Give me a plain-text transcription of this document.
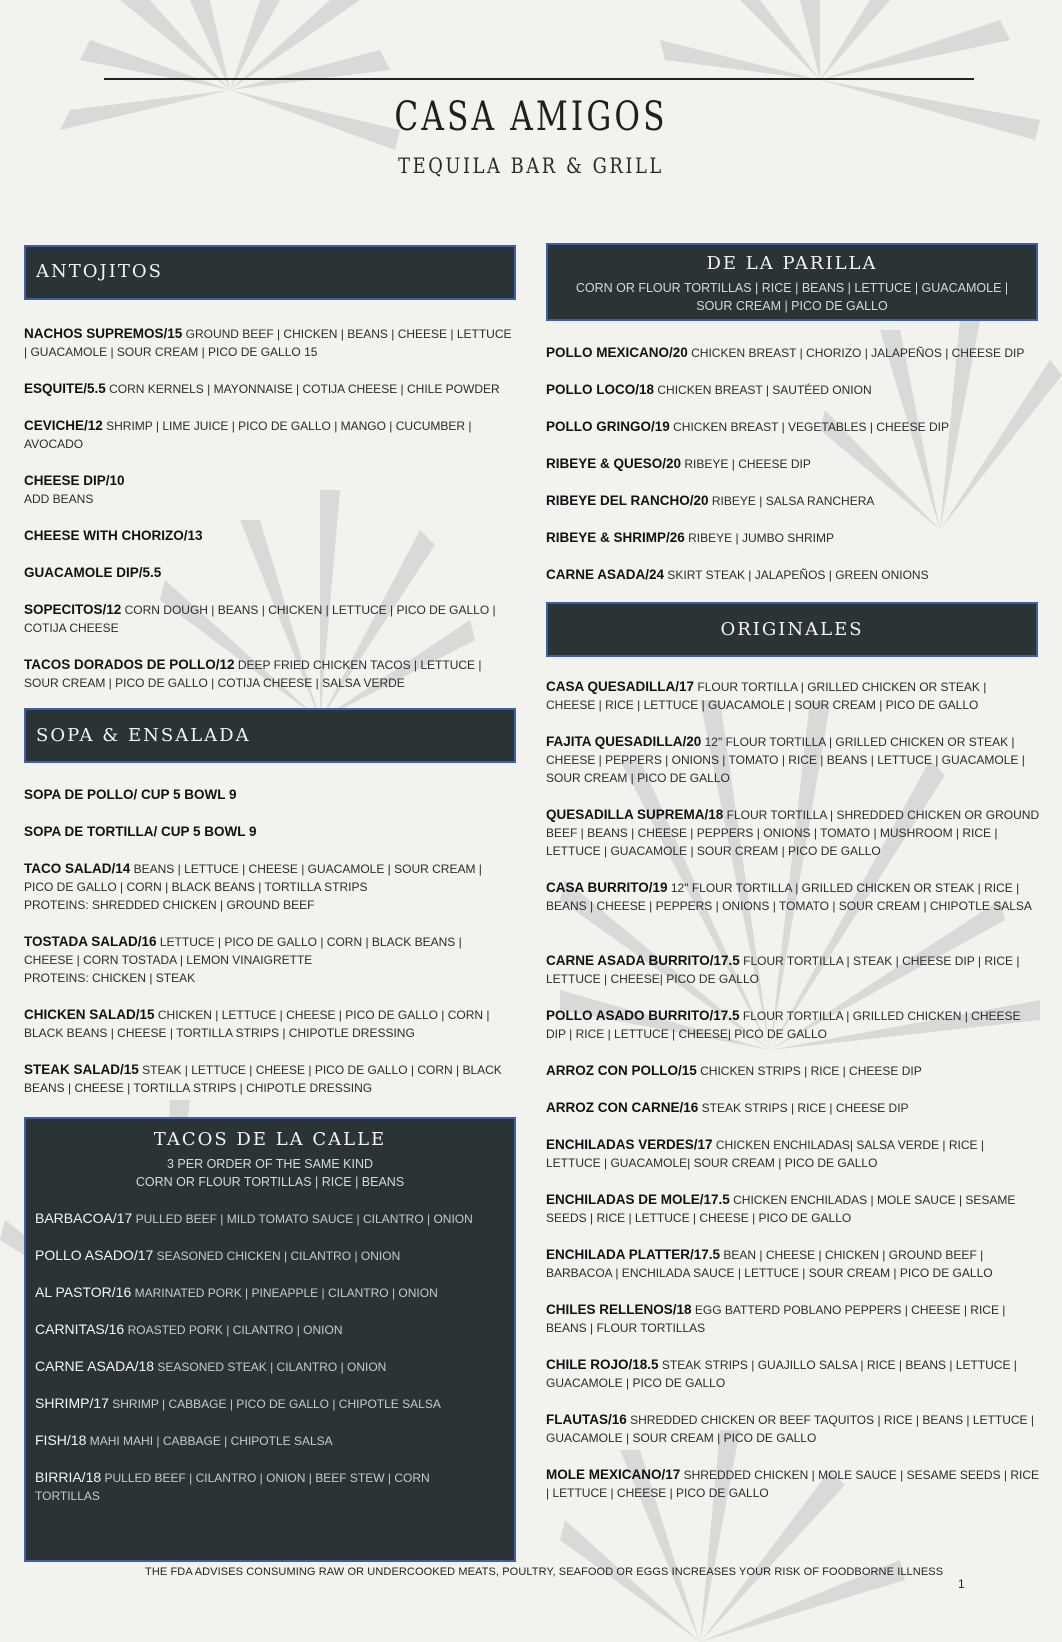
CASA AMIGOS
TEQUILA BAR & GRILL
ANTOJITOS
NACHOS SUPREMOS/15 GROUND BEEF | CHICKEN | BEANS | CHEESE | LETTUCE | GUACAMOLE | SOUR CREAM | PICO DE GALLO 15
ESQUITE/5.5 CORN KERNELS | MAYONNAISE | COTIJA CHEESE | CHILE POWDER
CEVICHE/12 SHRIMP | LIME JUICE | PICO DE GALLO | MANGO | CUCUMBER | AVOCADO
CHEESE DIP/10
ADD BEANS
CHEESE WITH CHORIZO/13
GUACAMOLE DIP/5.5
SOPECITOS/12 CORN DOUGH | BEANS | CHICKEN | LETTUCE | PICO DE GALLO | COTIJA CHEESE
TACOS DORADOS DE POLLO/12 DEEP FRIED CHICKEN TACOS | LETTUCE | SOUR CREAM | PICO DE GALLO | COTIJA CHEESE | SALSA VERDE
SOPA & ENSALADA
SOPA DE POLLO/ CUP 5 BOWL 9
SOPA DE TORTILLA/ CUP 5 BOWL 9
TACO SALAD/14 BEANS | LETTUCE | CHEESE | GUACAMOLE | SOUR CREAM | PICO DE GALLO | CORN | BLACK BEANS | TORTILLA STRIPS
PROTEINS: SHREDDED CHICKEN | GROUND BEEF
TOSTADA SALAD/16 LETTUCE | PICO DE GALLO | CORN | BLACK BEANS | CHEESE | CORN TOSTADA | LEMON VINAIGRETTE
PROTEINS: CHICKEN | STEAK
CHICKEN SALAD/15 CHICKEN | LETTUCE | CHEESE | PICO DE GALLO | CORN | BLACK BEANS | CHEESE | TORTILLA STRIPS | CHIPOTLE DRESSING
STEAK SALAD/15 STEAK | LETTUCE | CHEESE | PICO DE GALLO | CORN | BLACK BEANS | CHEESE | TORTILLA STRIPS | CHIPOTLE DRESSING
TACOS DE LA CALLE
3 PER ORDER OF THE SAME KIND
CORN OR FLOUR TORTILLAS | RICE | BEANS
BARBACOA/17 PULLED BEEF | MILD TOMATO SAUCE | CILANTRO | ONION
POLLO ASADO/17 SEASONED CHICKEN | CILANTRO | ONION
AL PASTOR/16 MARINATED PORK | PINEAPPLE | CILANTRO | ONION
CARNITAS/16 ROASTED PORK | CILANTRO | ONION
CARNE ASADA/18 SEASONED STEAK | CILANTRO | ONION
SHRIMP/17 SHRIMP | CABBAGE | PICO DE GALLO | CHIPOTLE SALSA
FISH/18 MAHI MAHI | CABBAGE | CHIPOTLE SALSA
BIRRIA/18 PULLED BEEF | CILANTRO | ONION | BEEF STEW | CORN TORTILLAS
DE LA PARILLA
CORN OR FLOUR TORTILLAS | RICE | BEANS | LETTUCE | GUACAMOLE | SOUR CREAM | PICO DE GALLO
POLLO MEXICANO/20 CHICKEN BREAST | CHORIZO | JALAPEÑOS | CHEESE DIP
POLLO LOCO/18 CHICKEN BREAST | SAUTÉED ONION
POLLO GRINGO/19 CHICKEN BREAST | VEGETABLES | CHEESE DIP
RIBEYE & QUESO/20 RIBEYE | CHEESE DIP
RIBEYE DEL RANCHO/20 RIBEYE | SALSA RANCHERA
RIBEYE & SHRIMP/26 RIBEYE | JUMBO SHRIMP
CARNE ASADA/24 SKIRT STEAK | JALAPEÑOS | GREEN ONIONS
ORIGINALES
CASA QUESADILLA/17 FLOUR TORTILLA | GRILLED CHICKEN OR STEAK | CHEESE | RICE | LETTUCE | GUACAMOLE | SOUR CREAM | PICO DE GALLO
FAJITA QUESADILLA/20 12" FLOUR TORTILLA | GRILLED CHICKEN OR STEAK | CHEESE | PEPPERS | ONIONS | TOMATO | RICE | BEANS | LETTUCE | GUACAMOLE | SOUR CREAM | PICO DE GALLO
QUESADILLA SUPREMA/18 FLOUR TORTILLA | SHREDDED CHICKEN OR GROUND BEEF | BEANS | CHEESE | PEPPERS | ONIONS | TOMATO | MUSHROOM | RICE | LETTUCE | GUACAMOLE | SOUR CREAM | PICO DE GALLO
CASA BURRITO/19 12" FLOUR TORTILLA | GRILLED CHICKEN OR STEAK | RICE | BEANS | CHEESE | PEPPERS | ONIONS | TOMATO | SOUR CREAM | CHIPOTLE SALSA
CARNE ASADA BURRITO/17.5 FLOUR TORTILLA | STEAK | CHEESE DIP | RICE | LETTUCE | CHEESE| PICO DE GALLO
POLLO ASADO BURRITO/17.5 FLOUR TORTILLA | GRILLED CHICKEN | CHEESE DIP | RICE | LETTUCE | CHEESE| PICO DE GALLO
ARROZ CON POLLO/15 CHICKEN STRIPS | RICE | CHEESE DIP
ARROZ CON CARNE/16 STEAK STRIPS | RICE | CHEESE DIP
ENCHILADAS VERDES/17 CHICKEN ENCHILADAS| SALSA VERDE | RICE | LETTUCE | GUACAMOLE| SOUR CREAM | PICO DE GALLO
ENCHILADAS DE MOLE/17.5 CHICKEN ENCHILADAS | MOLE SAUCE | SESAME SEEDS | RICE | LETTUCE | CHEESE | PICO DE GALLO
ENCHILADA PLATTER/17.5 BEAN | CHEESE | CHICKEN | GROUND BEEF | BARBACOA | ENCHILADA SAUCE | LETTUCE | SOUR CREAM | PICO DE GALLO
CHILES RELLENOS/18 EGG BATTERD POBLANO PEPPERS | CHEESE | RICE | BEANS | FLOUR TORTILLAS
CHILE ROJO/18.5 STEAK STRIPS | GUAJILLO SALSA | RICE | BEANS | LETTUCE | GUACAMOLE | PICO DE GALLO
FLAUTAS/16 SHREDDED CHICKEN OR BEEF TAQUITOS | RICE | BEANS | LETTUCE | GUACAMOLE | SOUR CREAM | PICO DE GALLO
MOLE MEXICANO/17 SHREDDED CHICKEN | MOLE SAUCE | SESAME SEEDS | RICE | LETTUCE | CHEESE | PICO DE GALLO
THE FDA ADVISES CONSUMING RAW OR UNDERCOOKED MEATS, POULTRY, SEAFOOD OR EGGS INCREASES YOUR RISK OF FOODBORNE ILLNESS
1
